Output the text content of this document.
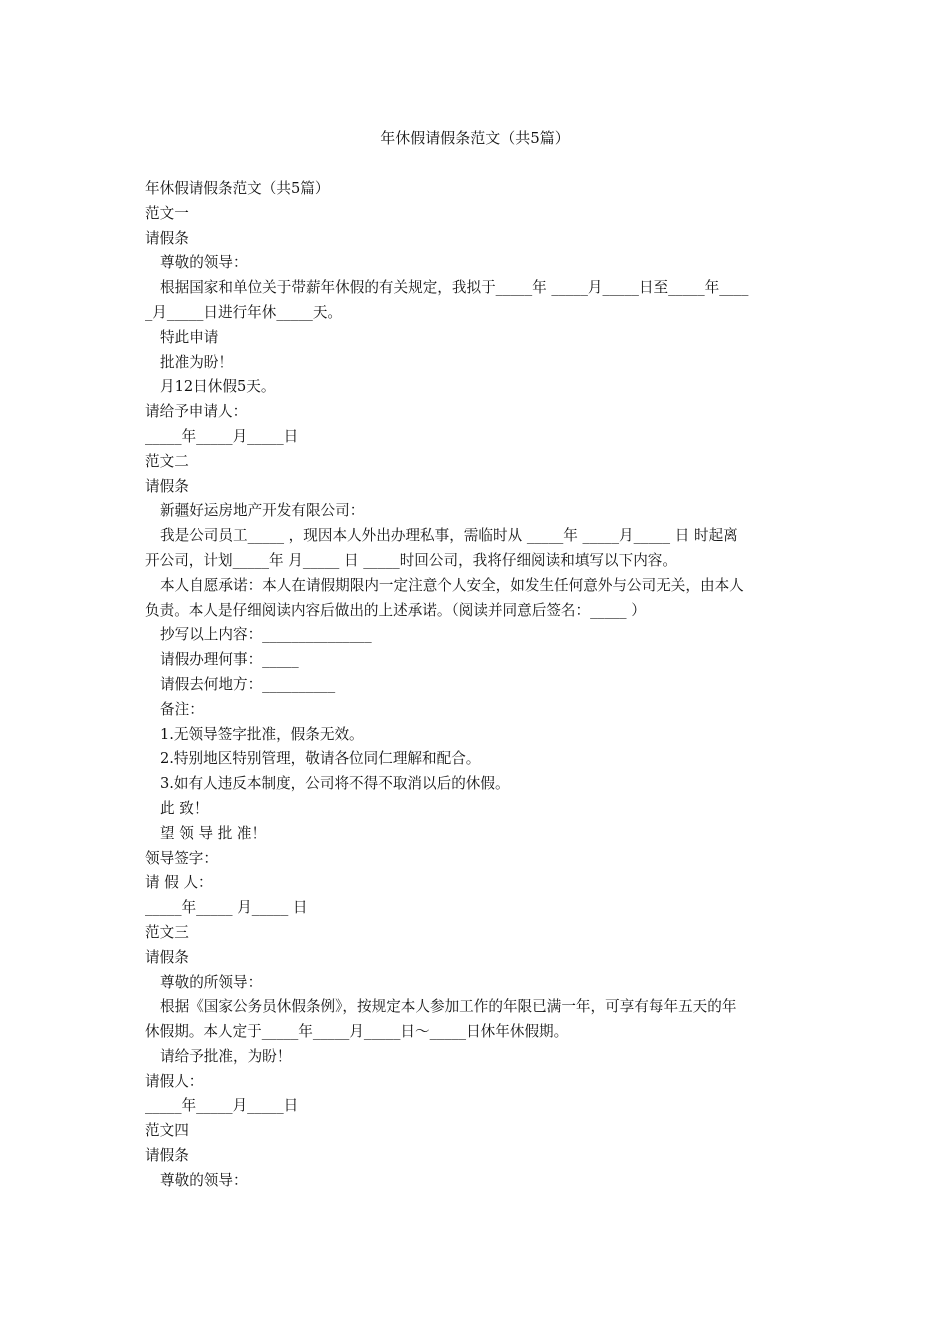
年休假请假条范文（共5篇）
年休假请假条范文（共5篇）
范文一
请假条
尊敬的领导：
根据国家和单位关于带薪年休假的有关规定，我拟于_____年 _____月_____日至_____年____
_月_____日进行年休_____天。
特此申请
批准为盼！
月12日休假5天。
请给予申请人：
_____年_____月_____日
范文二
请假条
新疆好运房地产开发有限公司：
我是公司员工_____ ，现因本人外出办理私事，需临时从 _____年 _____月_____ 日 时起离
开公司，计划_____年 月_____ 日 _____时回公司，我将仔细阅读和填写以下内容。
本人自愿承诺：本人在请假期限内一定注意个人安全，如发生任何意外与公司无关，由本人
负责。本人是仔细阅读内容后做出的上述承诺。（阅读并同意后签名：_____ ）
抄写以上内容：_______________
请假办理何事：_____
请假去何地方：__________
备注：
1.无领导签字批准，假条无效。
2.特别地区特别管理，敬请各位同仁理解和配合。
3.如有人违反本制度，公司将不得不取消以后的休假。
此 致！
望 领 导 批 准！
领导签字：
请 假 人：
_____年_____ 月_____ 日
范文三
请假条
尊敬的所领导：
根据《国家公务员休假条例》，按规定本人参加工作的年限已满一年，可享有每年五天的年
休假期。本人定于_____年_____月_____日～_____日休年休假期。
请给予批准，为盼！
请假人：
_____年_____月_____日
范文四
请假条
尊敬的领导：
